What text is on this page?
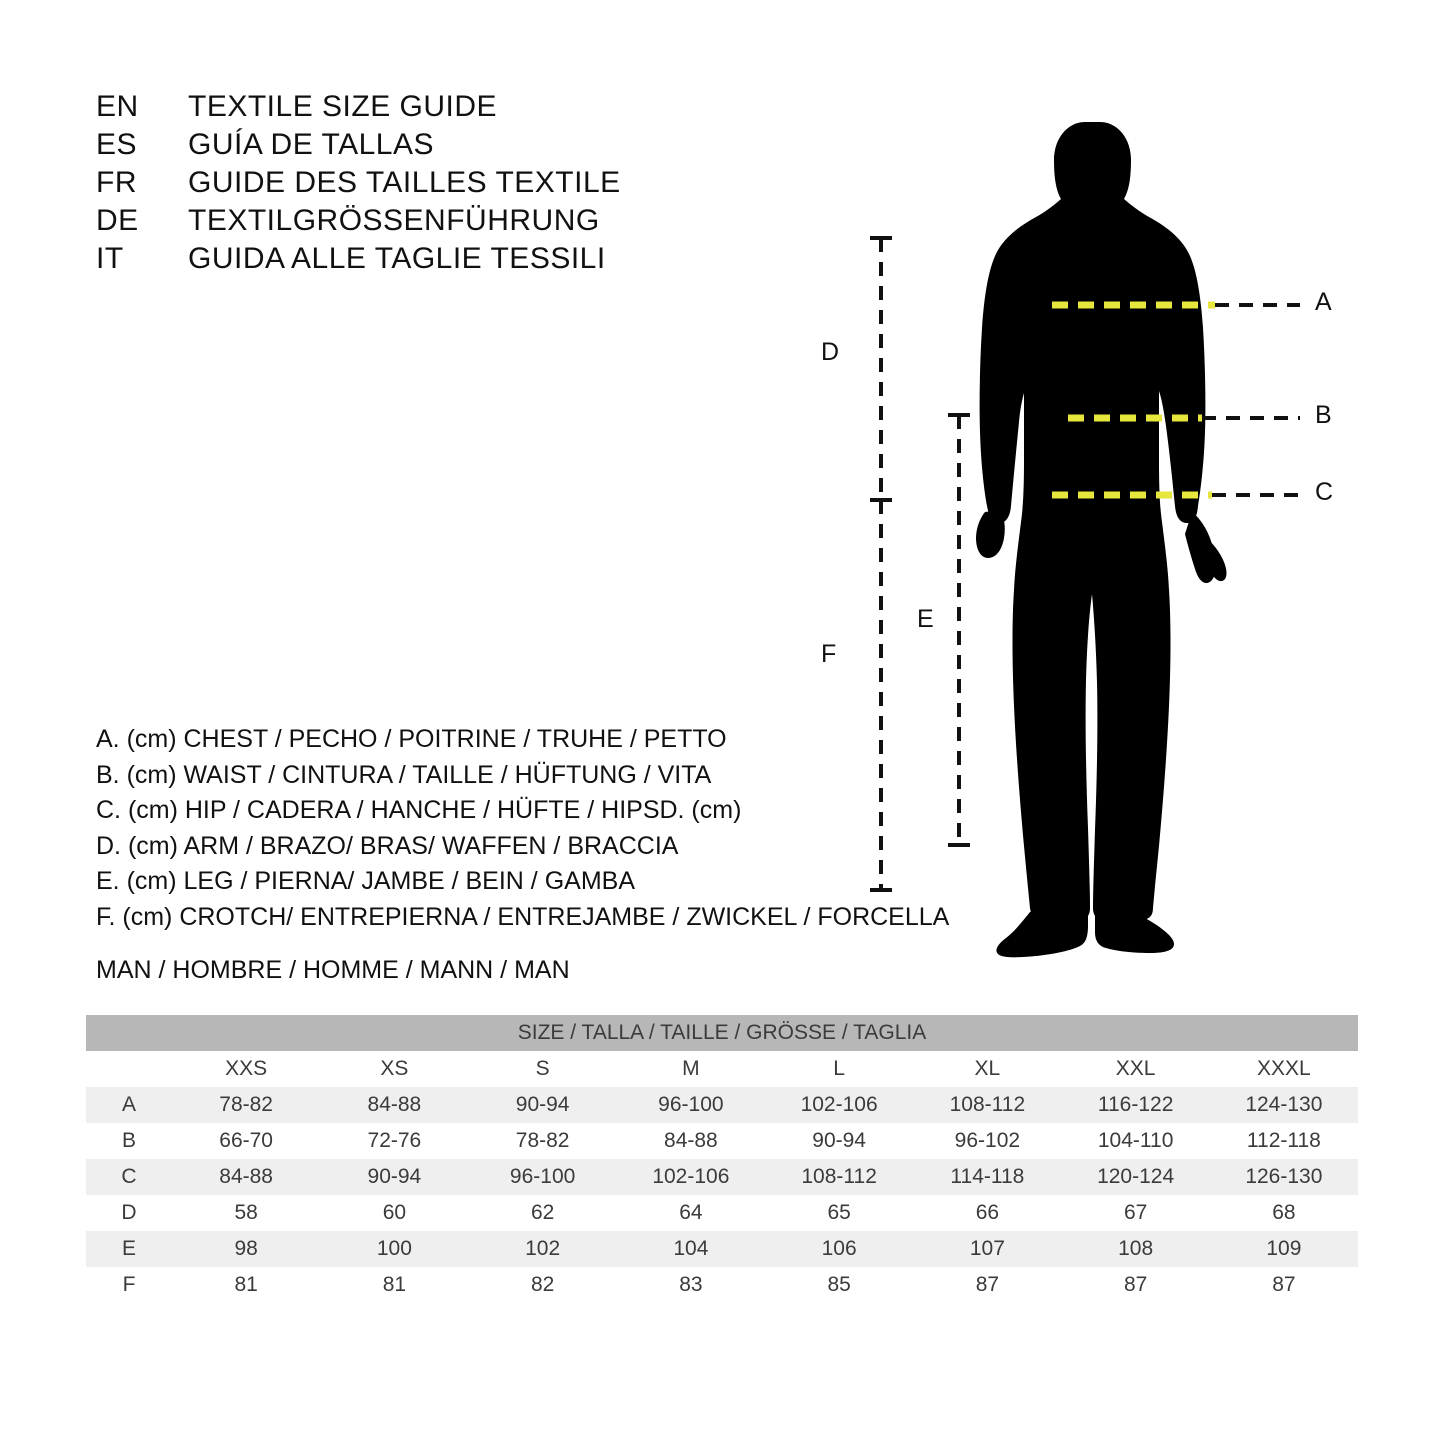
EN	TEXTILE SIZE GUIDE
ES	GUÍA DE TALLAS
FR	GUIDE DES TAILLES TEXTILE
DE	TEXTILGRÖSSENFÜHRUNG
IT	GUIDA ALLE TAGLIE TESSILI
A. (cm) CHEST / PECHO / POITRINE / TRUHE / PETTO
B. (cm) WAIST / CINTURA / TAILLE / HÜFTUNG / VITA
C. (cm) HIP / CADERA / HANCHE / HÜFTE / HIPSD. (cm)
D. (cm) ARM / BRAZO/ BRAS/ WAFFEN / BRACCIA
E. (cm) LEG / PIERNA/ JAMBE / BEIN / GAMBA
F. (cm) CROTCH/ ENTREPIERNA / ENTREJAMBE / ZWICKEL / FORCELLA
MAN / HOMBRE / HOMME / MANN / MAN
A
B
C
D
E
F
SIZE / TALLA / TAILLE / GRÖSSE / TAGLIA								
	XXS	XS	S	M	L	XL	XXL	XXXL
A	78-82	84-88	90-94	96-100	102-106	108-112	116-122	124-130
B	66-70	72-76	78-82	84-88	90-94	96-102	104-110	112-118
C	84-88	90-94	96-100	102-106	108-112	114-118	120-124	126-130
D	58	60	62	64	65	66	67	68
E	98	100	102	104	106	107	108	109
F	81	81	82	83	85	87	87	87
